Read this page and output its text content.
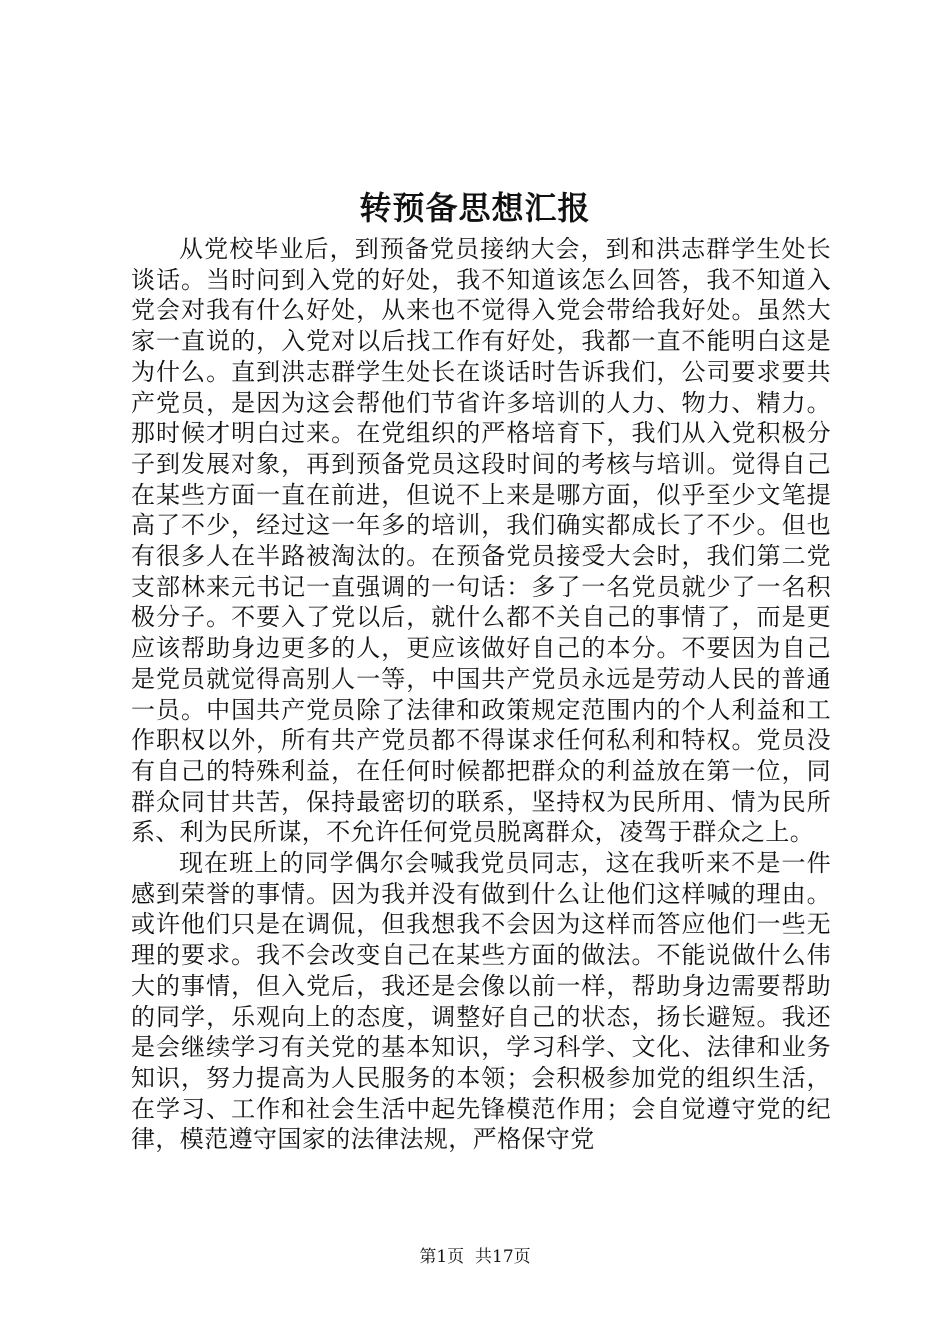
转预备思想汇报

从党校毕业后，到预备党员接纳大会，到和洪志群学生处长谈话。当时问到入党的好处，我不知道该怎么回答，我不知道入党会对我有什么好处，从来也不觉得入党会带给我好处。虽然大家一直说的，入党对以后找工作有好处，我都一直不能明白这是为什么。直到洪志群学生处长在谈话时告诉我们，公司要求要共产党员，是因为这会帮他们节省许多培训的人力、物力、精力。那时候才明白过来。在党组织的严格培育下，我们从入党积极分子到发展对象，再到预备党员这段时间的考核与培训。觉得自己在某些方面一直在前进，但说不上来是哪方面，似乎至少文笔提高了不少，经过这一年多的培训，我们确实都成长了不少。但也有很多人在半路被淘汰的。在预备党员接受大会时，我们第二党支部林来元书记一直强调的一句话：多了一名党员就少了一名积极分子。不要入了党以后，就什么都不关自己的事情了，而是更应该帮助身边更多的人，更应该做好自己的本分。不要因为自己是党员就觉得高别人一等，中国共产党员永远是劳动人民的普通一员。中国共产党员除了法律和政策规定范围内的个人利益和工作职权以外，所有共产党员都不得谋求任何私利和特权。党员没有自己的特殊利益，在任何时候都把群众的利益放在第一位，同群众同甘共苦，保持最密切的联系，坚持权为民所用、情为民所系、利为民所谋，不允许任何党员脱离群众，凌驾于群众之上。

现在班上的同学偶尔会喊我党员同志，这在我听来不是一件感到荣誉的事情。因为我并没有做到什么让他们这样喊的理由。或许他们只是在调侃，但我想我不会因为这样而答应他们一些无理的要求。我不会改变自己在某些方面的做法。不能说做什么伟大的事情，但入党后，我还是会像以前一样，帮助身边需要帮助的同学，乐观向上的态度，调整好自己的状态，扬长避短。我还是会继续学习有关党的基本知识，学习科学、文化、法律和业务知识，努力提高为人民服务的本领；会积极参加党的组织生活，在学习、工作和社会生活中起先锋模范作用；会自觉遵守党的纪律，模范遵守国家的法律法规，严格保守党

第1页 共17页
